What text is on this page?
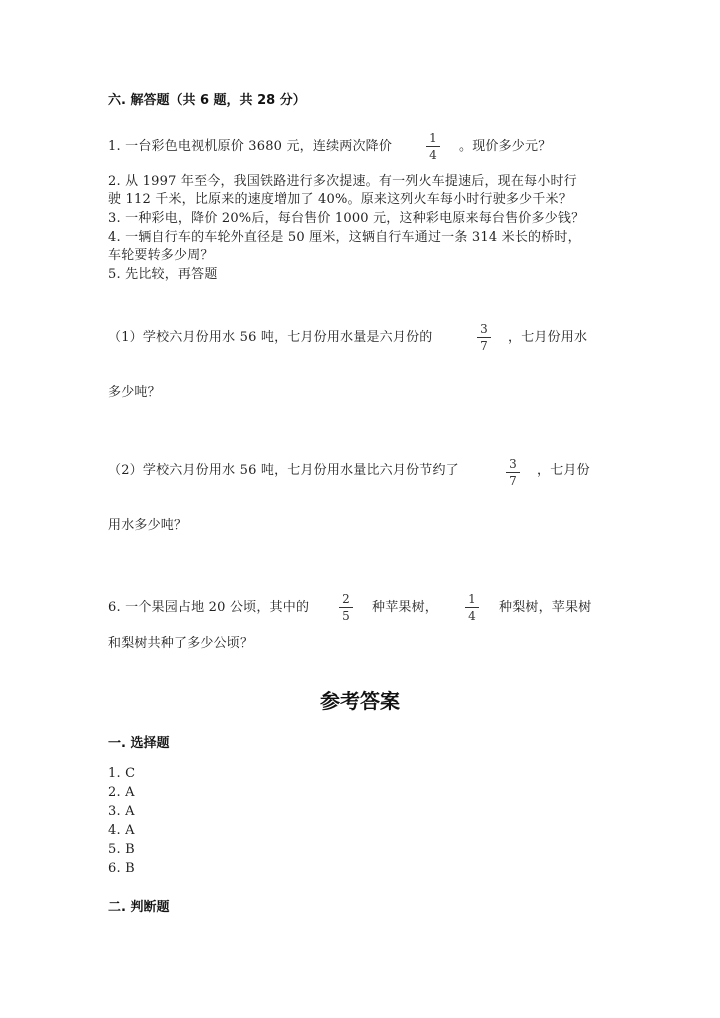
六. 解答题（共 6 题，共 28 分）
1. 一台彩色电视机原价 3680 元，连续两次降价
1
4
。现价多少元？
2. 从 1997 年至今，我国铁路进行多次提速。有一列火车提速后，现在每小时行
驶 112 千米，比原来的速度增加了 40%。原来这列火车每小时行驶多少千米？
3. 一种彩电，降价 20%后，每台售价 1000 元，这种彩电原来每台售价多少钱？
4. 一辆自行车的车轮外直径是 50 厘米，这辆自行车通过一条 314 米长的桥时，
车轮要转多少周？
5. 先比较，再答题
（1）学校六月份用水 56 吨，七月份用水量是六月份的
3
7
，七月份用水
多少吨？
（2）学校六月份用水 56 吨，七月份用水量比六月份节约了	3
7
，七月份
用水多少吨？
6. 一个果园占地 20 公顷，其中的
2
5
种苹果树，
1
4
种梨树，苹果树
和梨树共种了多少公顷？
参考答案
一. 选择题
1. C
2. A
3. A
4. A
5. B
6. B
二. 判断题
